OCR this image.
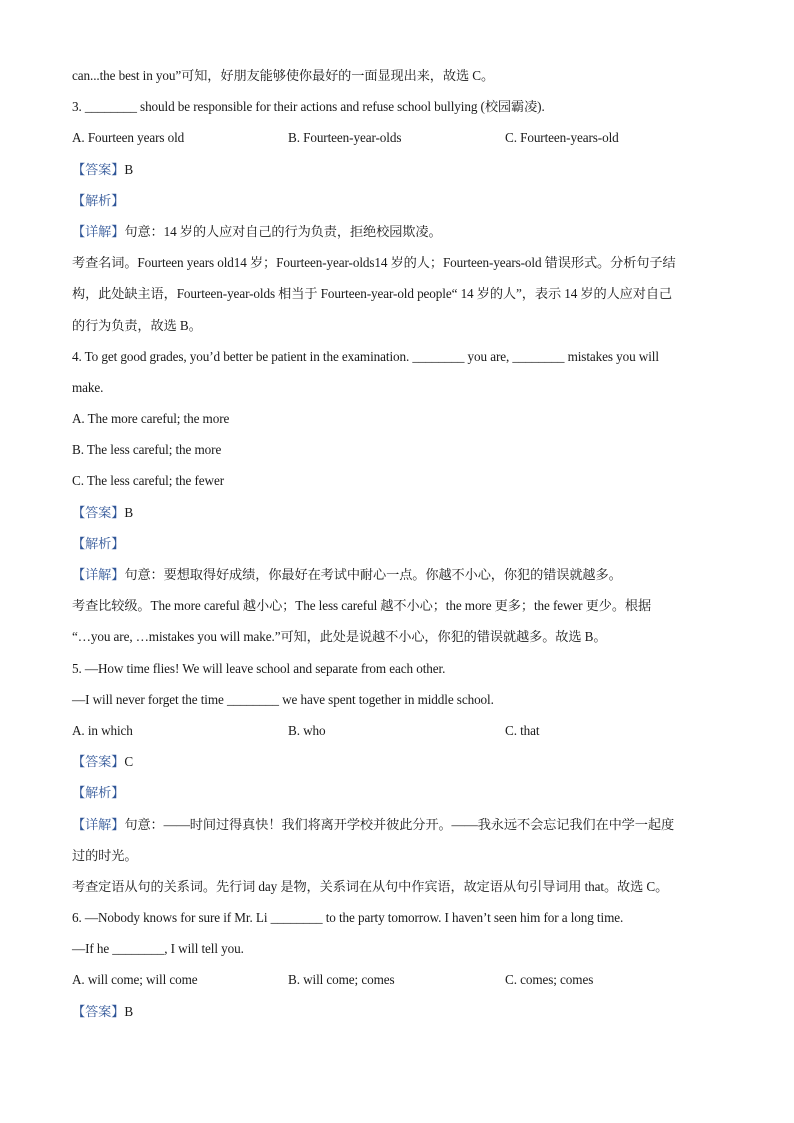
can...the best in you”可知，好朋友能够使你最好的一面显现出来，故选 C。
3. ________ should be responsible for their actions and refuse school bullying (校园霸凌).
A. Fourteen years old	B. Fourteen-year-olds	C. Fourteen-years-old
【答案】B
【解析】
【详解】句意：14 岁的人应对自己的行为负责，拒绝校园欺凌。
考查名词。Fourteen years old14 岁；Fourteen-year-olds14 岁的人；Fourteen-years-old 错误形式。分析句子结
构，此处缺主语，Fourteen-year-olds 相当于 Fourteen-year-old people“ 14 岁的人”，表示 14 岁的人应对自己
的行为负责，故选 B。
4. To get good grades, you’d better be patient in the examination. ________ you are, ________ mistakes you will
make.
A. The more careful; the more
B. The less careful; the more
C. The less careful; the fewer
【答案】B
【解析】
【详解】句意：要想取得好成绩，你最好在考试中耐心一点。你越不小心，你犯的错误就越多。
考查比较级。The more careful 越小心；The less careful 越不小心；the more 更多；the fewer 更少。根据
“…you are, …mistakes you will make.”可知，此处是说越不小心，你犯的错误就越多。故选 B。
5. —How time flies! We will leave school and separate from each other.
—I will never forget the time ________ we have spent together in middle school.
A. in which	B. who	C. that
【答案】C
【解析】
【详解】句意：——时间过得真快！我们将离开学校并彼此分开。——我永远不会忘记我们在中学一起度
过的时光。
考查定语从句的关系词。先行词 day 是物，关系词在从句中作宾语，故定语从句引导词用 that。故选 C。
6. —Nobody knows for sure if Mr. Li ________ to the party tomorrow. I haven’t seen him for a long time.
—If he ________, I will tell you.
A. will come; will come	B. will come; comes	C. comes; comes
【答案】B
